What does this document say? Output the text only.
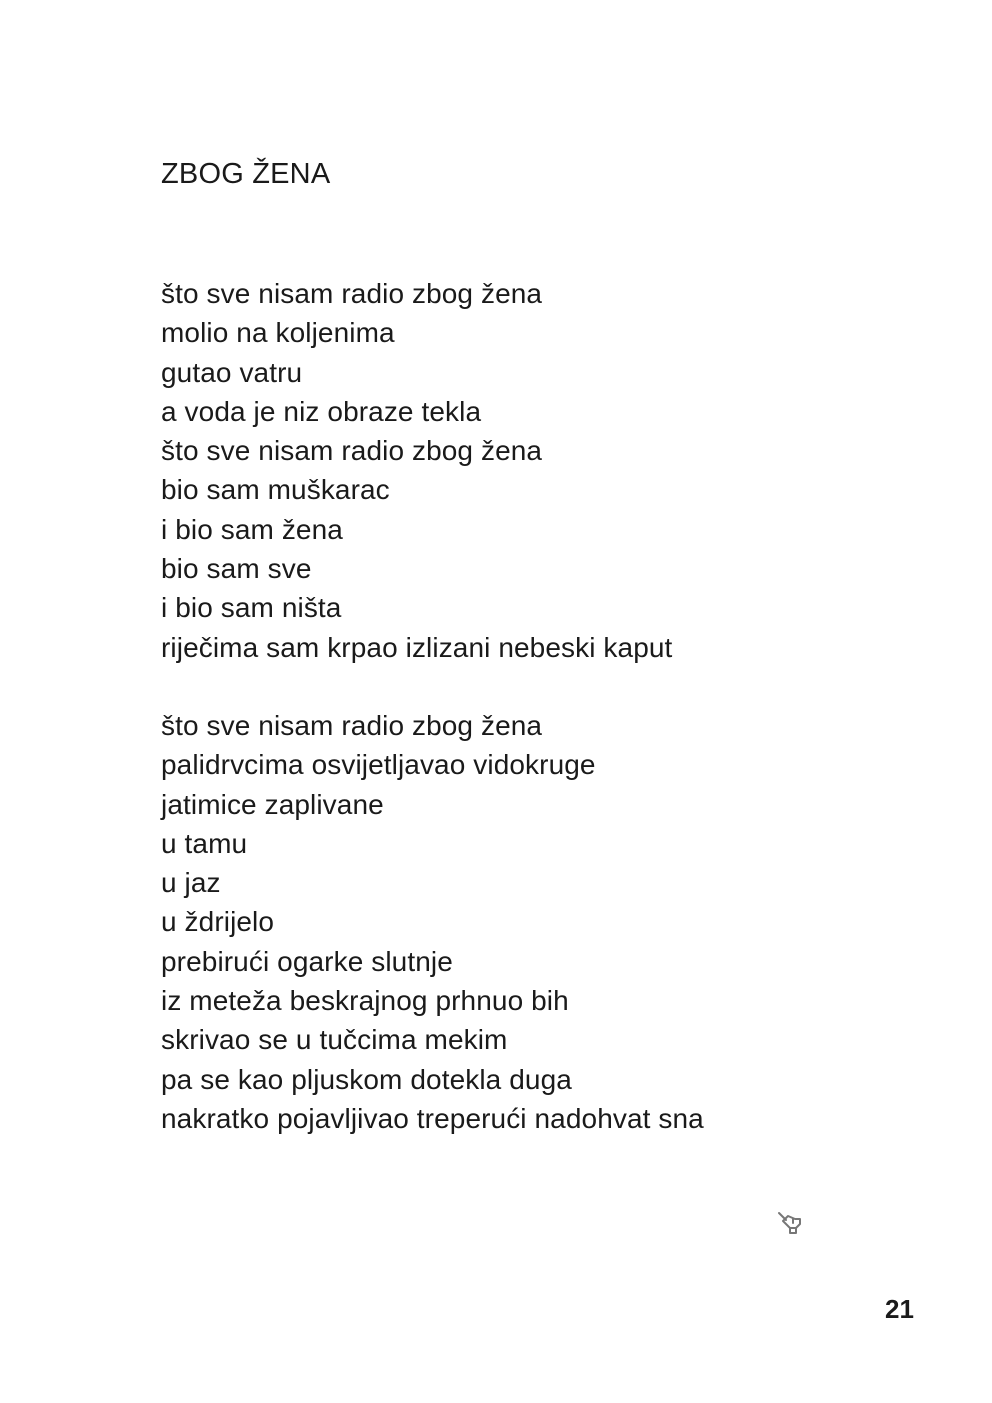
ZBOG ŽENA
što sve nisam radio zbog žena
molio na koljenima
gutao vatru
a voda je niz obraze tekla
što sve nisam radio zbog žena
bio sam muškarac
i bio sam žena
bio sam sve
i bio sam ništa
riječima sam krpao izlizani nebeski kaput
što sve nisam radio zbog žena
palidrvcima osvijetljavao vidokruge
jatimice zaplivane
u tamu
u jaz
u ždrijelo
prebirući ogarke slutnje
iz meteža beskrajnog prhnuo bih
skrivao se u tučcima mekim
pa se kao pljuskom dotekla duga
nakratko pojavljivao treperući nadohvat sna
21
